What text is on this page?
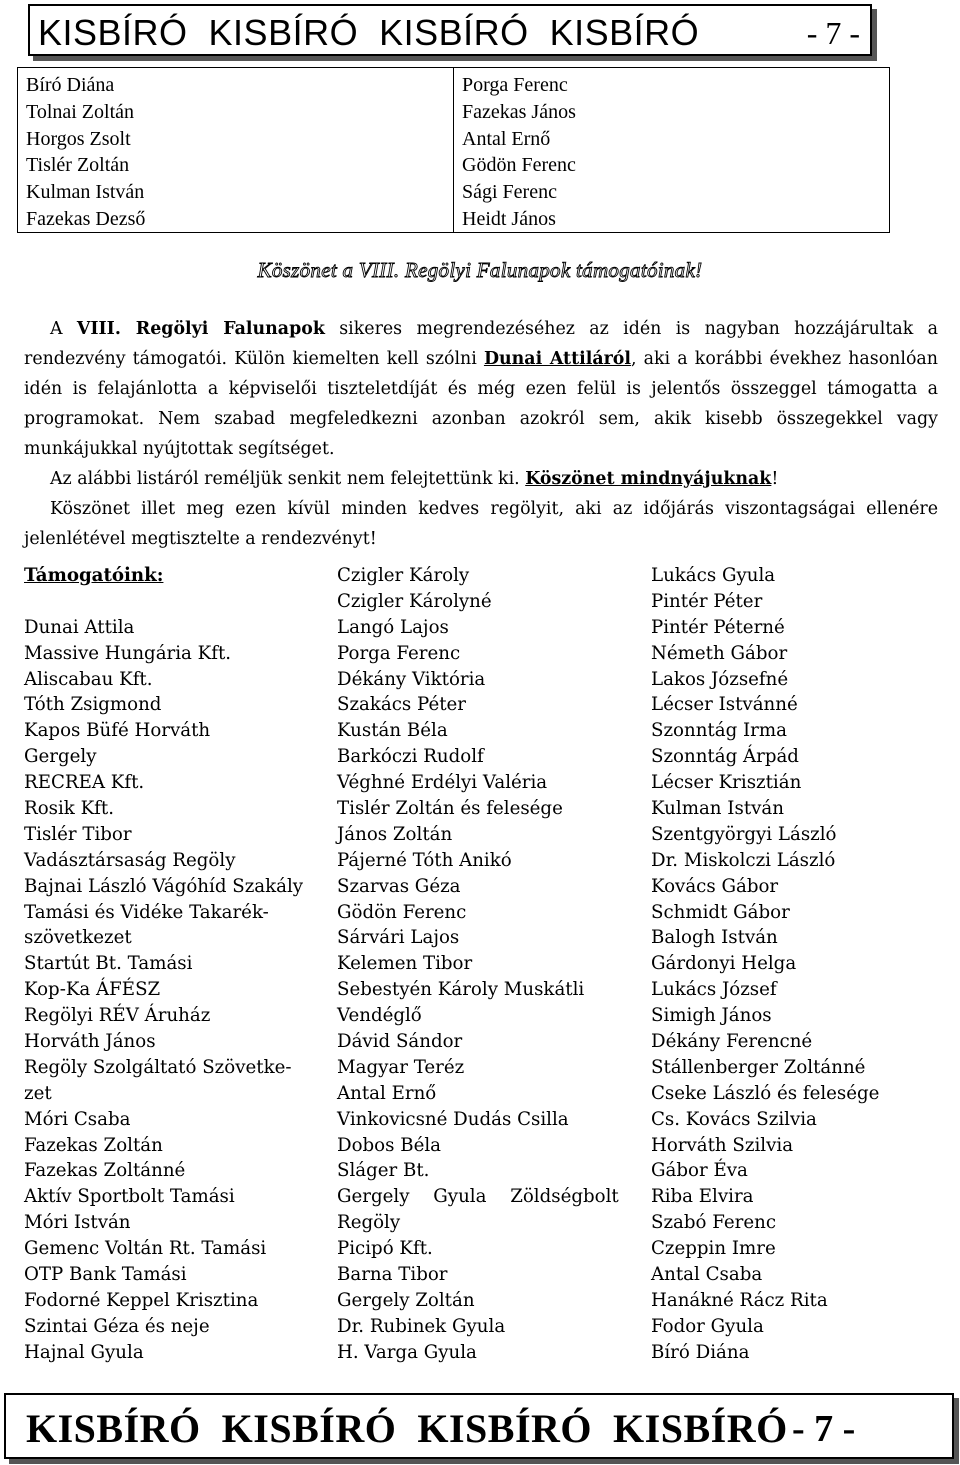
KISBÍRÓ  KISBÍRÓ  KISBÍRÓ  KISBÍRÓ	- 7 -
Bíró Diána
Tolnai Zoltán
Horgos Zsolt
Tislér Zoltán
Kulman István
Fazekas Dezső
Porga Ferenc
Fazekas János
Antal Ernő
Gödön Ferenc
Sági Ferenc
Heidt János
Köszönet a VIII. Regölyi Falunapok támogatóinak!

A VIII. Regölyi Falunapok sikeres megrendezéséhez az idén is nagyban hozzájárultak a rendezvény támogatói. Külön kiemelten kell szólni Dunai Attiláról, aki a korábbi évekhez hasonlóan idén is felajánlotta a képviselői tiszteletdíját és még ezen felül is jelentős összeggel támogatta a programokat. Nem szabad megfeledkezni azonban azokról sem, akik kisebb összegekkel vagy munkájukkal nyújtottak segítséget.

Az alábbi listáról reméljük senkit nem felejtettünk ki. Köszönet mindnyájuknak!

Köszönet illet meg ezen kívül minden kedves regölyit, aki az időjárás viszontagságai ellenére jelenlétével megtisztelte a rendezvényt!

Támogatóink:
Dunai Attila
Massive Hungária Kft.
Aliscabau Kft.
Tóth Zsigmond
Kapos Büfé Horváth
Gergely
RECREA Kft.
Rosik Kft.
Tislér Tibor
Vadásztársaság Regöly
Bajnai László Vágóhíd Szakály
Tamási és Vidéke Takarék-
szövetkezet
Startút Bt. Tamási
Kop-Ka ÁFÉSZ
Regölyi RÉV Áruház
Horváth János
Regöly Szolgáltató Szövetke-
zet
Móri Csaba
Fazekas Zoltán
Fazekas Zoltánné
Aktív Sportbolt Tamási
Móri István
Gemenc Voltán Rt. Tamási
OTP Bank Tamási
Fodorné Keppel Krisztina
Szintai Géza és neje
Hajnal Gyula
Czigler Károly
Czigler Károlyné
Langó Lajos
Porga Ferenc
Dékány Viktória
Szakács Péter
Kustán Béla
Barkóczi Rudolf
Véghné Erdélyi Valéria
Tislér Zoltán és felesége
János Zoltán
Pájerné Tóth Anikó
Szarvas Géza
Gödön Ferenc
Sárvári Lajos
Kelemen Tibor
Sebestyén Károly Muskátli
Vendéglő
Dávid Sándor
Magyar Teréz
Antal Ernő
Vinkovicsné Dudás Csilla
Dobos Béla
Sláger Bt.
Gergely Gyula Zöldségbolt
Regöly
Picipó Kft.
Barna Tibor
Gergely Zoltán
Dr. Rubinek Gyula
H. Varga Gyula
Lukács Gyula
Pintér Péter
Pintér Péterné
Németh Gábor
Lakos Józsefné
Lécser Istvánné
Szonntág Irma
Szonntág Árpád
Lécser Krisztián
Kulman István
Szentgyörgyi László
Dr. Miskolczi László
Kovács Gábor
Schmidt Gábor
Balogh István
Gárdonyi Helga
Lukács József
Simigh János
Dékány Ferencné
Stállenberger Zoltánné
Cseke László és felesége
Cs. Kovács Szilvia
Horváth Szilvia
Gábor Éva
Riba Elvira
Szabó Ferenc
Czeppin Imre
Antal Csaba
Hanákné Rácz Rita
Fodor Gyula
Bíró Diána
KISBÍRÓ  KISBÍRÓ  KISBÍRÓ  KISBÍRÓ - 7 -
